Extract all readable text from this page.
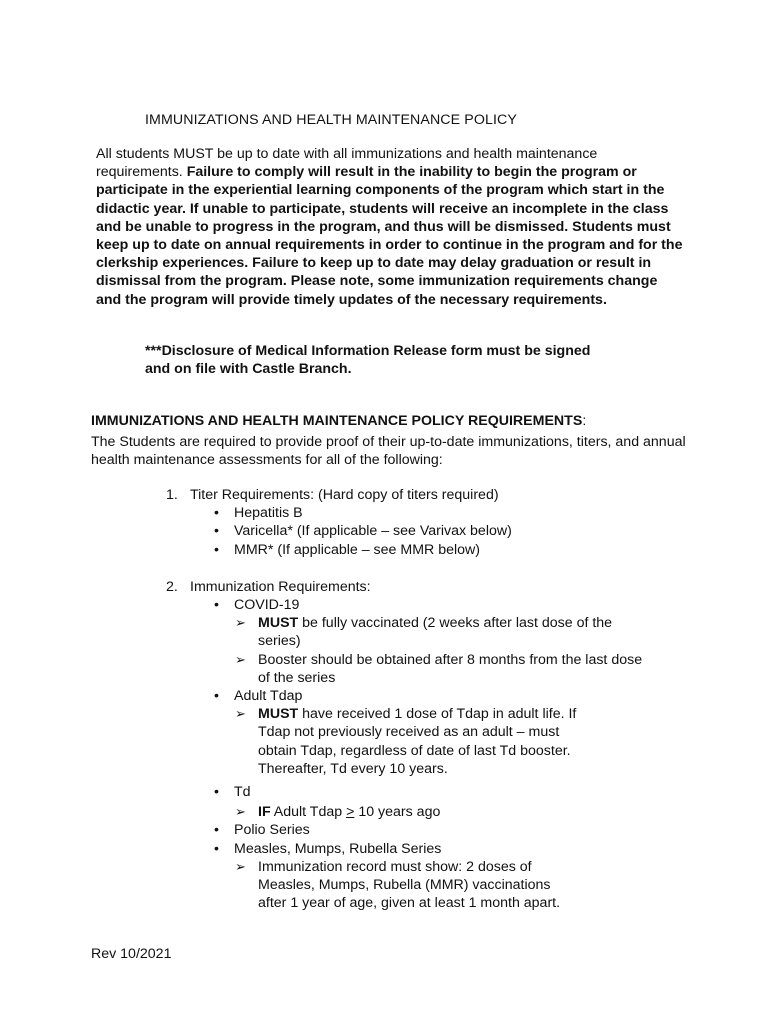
IMMUNIZATIONS AND HEALTH MAINTENANCE POLICY
All students MUST be up to date with all immunizations and health maintenance requirements. Failure to comply will result in the inability to begin the program or participate in the experiential learning components of the program which start in the didactic year. If unable to participate, students will receive an incomplete in the class and be unable to progress in the program, and thus will be dismissed. Students must keep up to date on annual requirements in order to continue in the program and for the clerkship experiences. Failure to keep up to date may delay graduation or result in dismissal from the program. Please note, some immunization requirements change and the program will provide timely updates of the necessary requirements.
***Disclosure of Medical Information Release form must be signed and on file with Castle Branch.
IMMUNIZATIONS AND HEALTH MAINTENANCE POLICY REQUIREMENTS:
The Students are required to provide proof of their up-to-date immunizations, titers, and annual health maintenance assessments for all of the following:
1. Titer Requirements: (Hard copy of titers required)
•	Hepatitis B
•	Varicella* (If applicable – see Varivax below)
•	MMR* (If applicable – see MMR below)
2. Immunization Requirements:
•	COVID-19
➢ MUST be fully vaccinated (2 weeks after last dose of the series)
➢ Booster should be obtained after 8 months from the last dose of the series
•	Adult Tdap
➢ MUST have received 1 dose of Tdap in adult life. If Tdap not previously received as an adult – must obtain Tdap, regardless of date of last Td booster. Thereafter, Td every 10 years.
•	Td
➢ IF Adult Tdap ≥ 10 years ago
•	Polio Series
•	Measles, Mumps, Rubella Series
➢ Immunization record must show: 2 doses of Measles, Mumps, Rubella (MMR) vaccinations after 1 year of age, given at least 1 month apart.
Rev 10/2021
